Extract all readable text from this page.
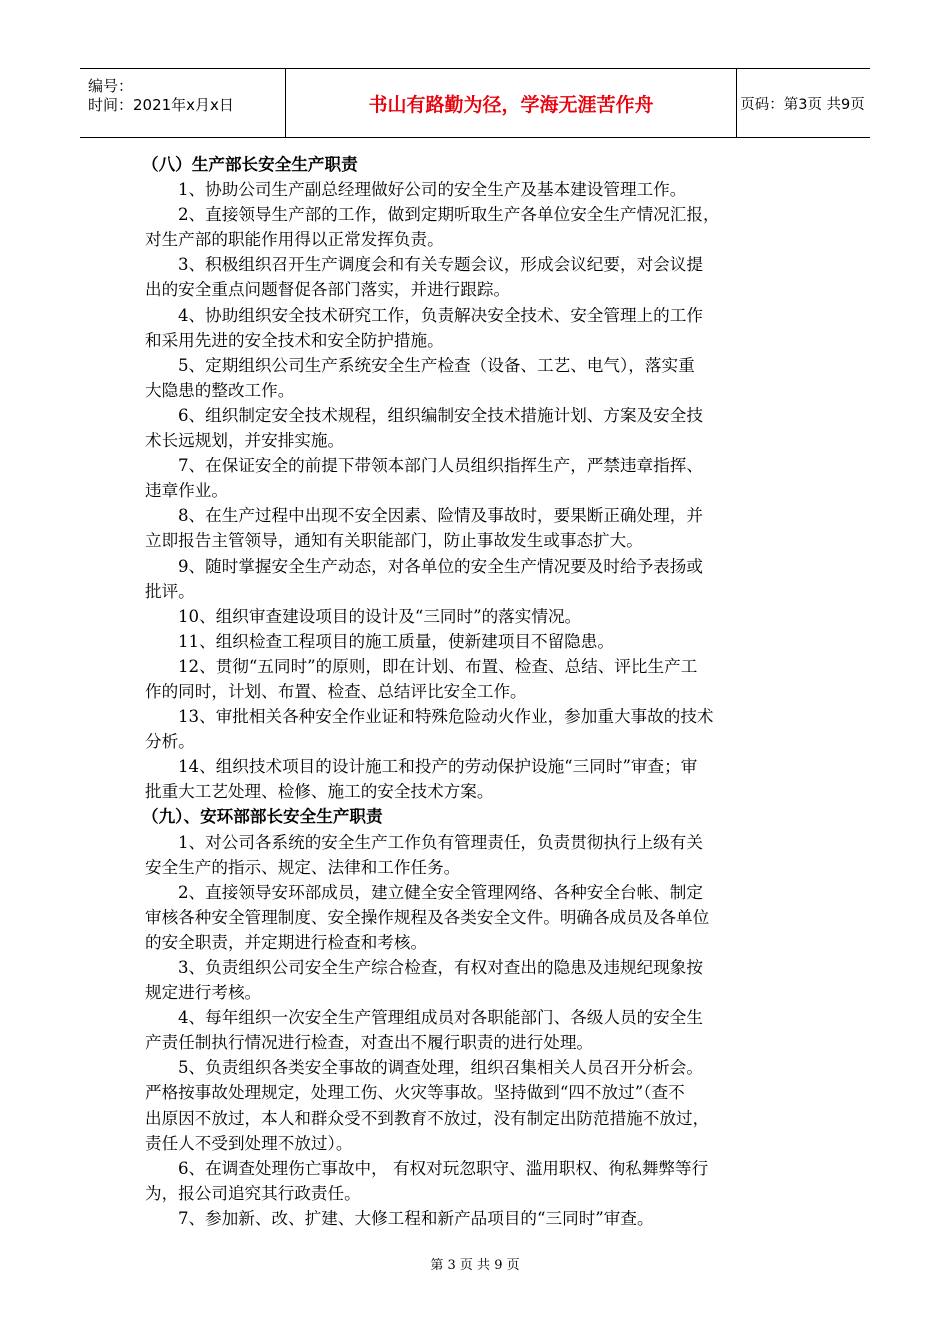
编号：
时间：2021年x月x日	书山有路勤为径，学海无涯苦作舟	页码：第3页 共9页
（八）生产部长安全生产职责
1、协助公司生产副总经理做好公司的安全生产及基本建设管理工作。
2、直接领导生产部的工作，做到定期听取生产各单位安全生产情况汇报，
对生产部的职能作用得以正常发挥负责。
3、积极组织召开生产调度会和有关专题会议，形成会议纪要，对会议提
出的安全重点问题督促各部门落实，并进行跟踪。
4、协助组织安全技术研究工作，负责解决安全技术、安全管理上的工作
和采用先进的安全技术和安全防护措施。
5、定期组织公司生产系统安全生产检查（设备、工艺、电气），落实重
大隐患的整改工作。
6、组织制定安全技术规程，组织编制安全技术措施计划、方案及安全技
术长远规划，并安排实施。
7、在保证安全的前提下带领本部门人员组织指挥生产，严禁违章指挥、
违章作业。
8、在生产过程中出现不安全因素、险情及事故时，要果断正确处理，并
立即报告主管领导，通知有关职能部门，防止事故发生或事态扩大。
9、随时掌握安全生产动态，对各单位的安全生产情况要及时给予表扬或
批评。
10、组织审查建设项目的设计及“三同时”的落实情况。
11、组织检查工程项目的施工质量，使新建项目不留隐患。
12、贯彻“五同时”的原则，即在计划、布置、检查、总结、评比生产工
作的同时，计划、布置、检查、总结评比安全工作。
13、审批相关各种安全作业证和特殊危险动火作业，参加重大事故的技术
分析。
14、组织技术项目的设计施工和投产的劳动保护设施“三同时”审查；审
批重大工艺处理、检修、施工的安全技术方案。
（九）、安环部部长安全生产职责
1、对公司各系统的安全生产工作负有管理责任，负责贯彻执行上级有关
安全生产的指示、规定、法律和工作任务。
2、直接领导安环部成员，建立健全安全管理网络、各种安全台帐、制定
审核各种安全管理制度、安全操作规程及各类安全文件。明确各成员及各单位
的安全职责，并定期进行检查和考核。
3、负责组织公司安全生产综合检查，有权对查出的隐患及违规纪现象按
规定进行考核。
4、每年组织一次安全生产管理组成员对各职能部门、各级人员的安全生
产责任制执行情况进行检查，对查出不履行职责的进行处理。
5、负责组织各类安全事故的调查处理，组织召集相关人员召开分析会。
严格按事故处理规定，处理工伤、火灾等事故。坚持做到“四不放过”（查不
出原因不放过，本人和群众受不到教育不放过，没有制定出防范措施不放过，
责任人不受到处理不放过）。
6、在调查处理伤亡事故中， 有权对玩忽职守、滥用职权、徇私舞弊等行
为，报公司追究其行政责任。
7、参加新、改、扩建、大修工程和新产品项目的“三同时”审查。
第 3 页 共 9 页
